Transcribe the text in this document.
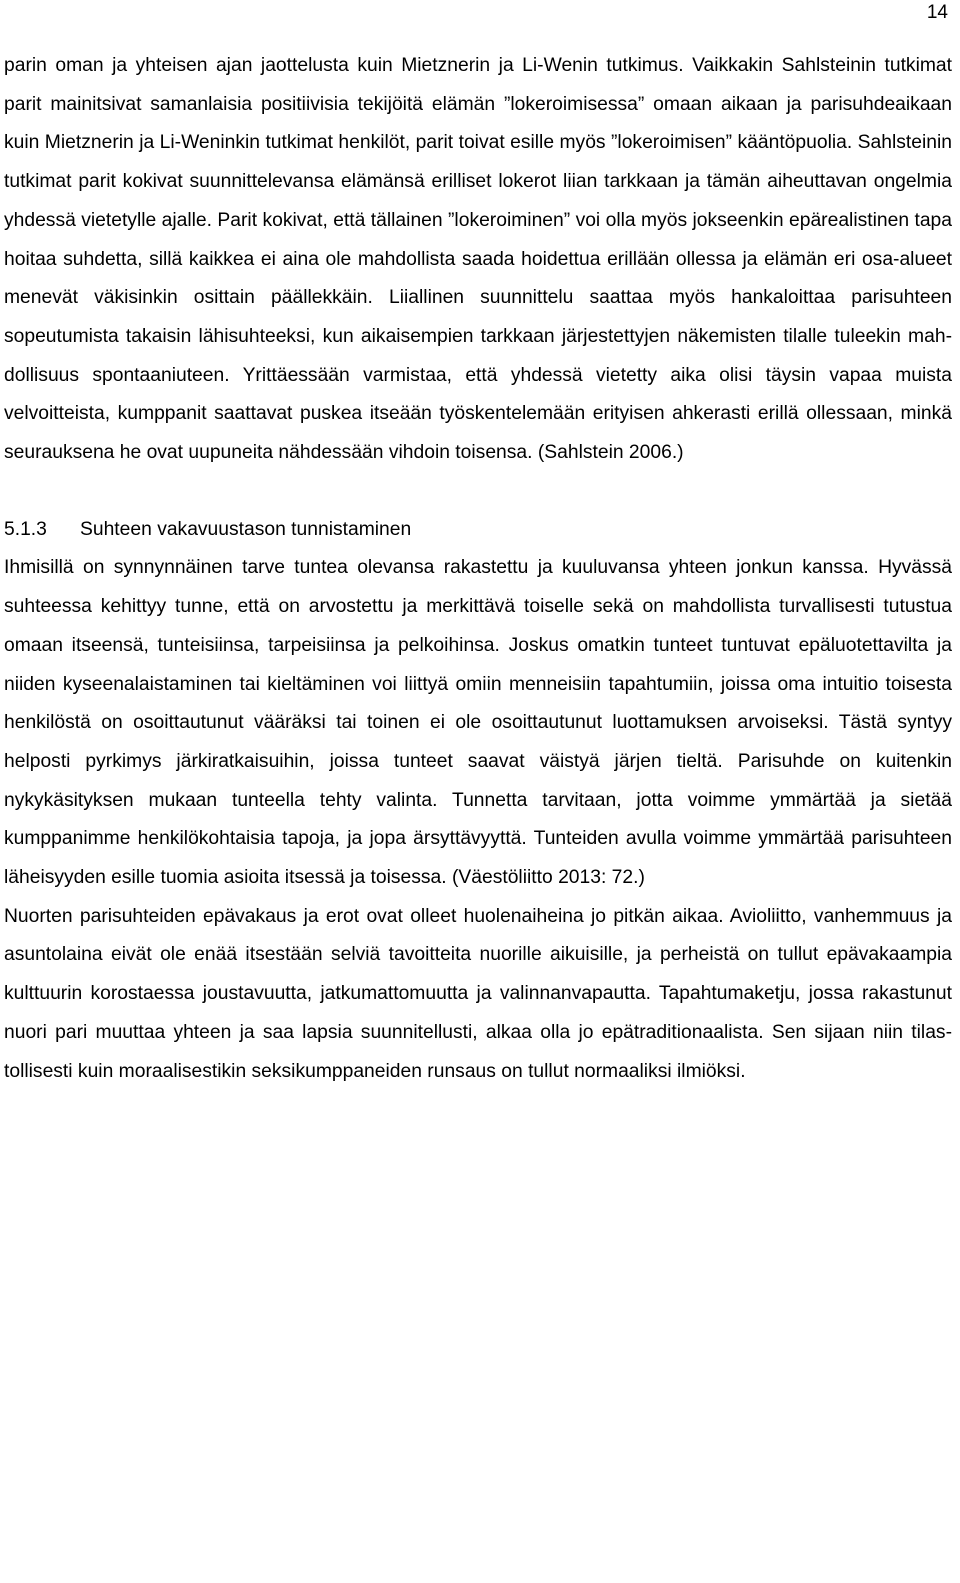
14

parin oman ja yhteisen ajan jaottelusta kuin Mietznerin ja Li-Wenin tutkimus. Vaikkakin Sahlsteinin tutkimat parit mainitsivat samanlaisia positiivisia tekijöitä elämän ”lokeroimisessa” omaan aikaan ja parisuhdeaikaan kuin Mietznerin ja Li-Weninkin tutkimat henkilöt, parit toivat esille myös ”lokeroimisen” kääntöpuolia. Sahlsteinin tutkimat parit kokivat suunnittelevansa elämänsä erilliset lokerot liian tarkkaan ja tämän aiheuttavan ongelmia yhdessä vietetylle ajalle. Parit kokivat, että tällainen ”lokeroiminen” voi olla myös jokseenkin epärealistinen tapa hoitaa suhdetta, sillä kaikkea ei aina ole mahdollista saada hoidettua erillään ollessa ja elämän eri osa-alueet menevät väkisinkin osittain päällekkäin. Liiallinen suunnittelu saattaa myös hankaloittaa parisuhteen sopeutumista takaisin lähisuhteeksi, kun aikaisempien tarkkaan järjestettyjen näkemisten tilalle tuleekin mahdollisuus spontaaniuteen. Yrittäessään varmistaa, että yhdessä vietetty aika olisi täysin vapaa muista velvoitteista, kumppanit saattavat puskea itseään työskentelemään erityisen ahkerasti erillä ollessaan, minkä seurauksena he ovat uupuneita nähdessään vihdoin toisensa. (Sahlstein 2006.)

5.1.3 Suhteen vakavuustason tunnistaminen

Ihmisillä on synnynnäinen tarve tuntea olevansa rakastettu ja kuuluvansa yhteen jonkun kanssa. Hyvässä suhteessa kehittyy tunne, että on arvostettu ja merkittävä toiselle sekä on mahdollista turvallisesti tutustua omaan itseensä, tunteisiinsa, tarpeisiinsa ja pelkoihinsa. Joskus omatkin tunteet tuntuvat epäluotettavilta ja niiden kyseenalaistaminen tai kieltäminen voi liittyä omiin menneisiin tapahtumiin, joissa oma intuitio toisesta henkilöstä on osoittautunut vääräksi tai toinen ei ole osoittautunut luottamuksen arvoiseksi. Tästä syntyy helposti pyrkimys järkiratkaisuihin, joissa tunteet saavat väistyä järjen tieltä. Parisuhde on kuitenkin nykykäsityksen mukaan tunteella tehty valinta. Tunnetta tarvitaan, jotta voimme ymmärtää ja sietää kumppanimme henkilökohtaisia tapoja, ja jopa ärsyttävyyttä. Tunteiden avulla voimme ymmärtää parisuhteen läheisyyden esille tuomia asioita itsessä ja toisessa. (Väestöliitto 2013: 72.)

Nuorten parisuhteiden epävakaus ja erot ovat olleet huolenaiheina jo pitkän aikaa. Avioliitto, vanhemmuus ja asuntolaina eivät ole enää itsestään selviä tavoitteita nuorille aikuisille, ja perheistä on tullut epävakaampia kulttuurin korostaessa joustavuutta, jatkumattomuutta ja valinnanvapautta. Tapahtumaketju, jossa rakastunut nuori pari muuttaa yhteen ja saa lapsia suunnitellusti, alkaa olla jo epätraditionaalista. Sen sijaan niin tilastollisesti kuin moraalisestikin seksikumppaneiden runsaus on tullut normaaliksi ilmiöksi.
